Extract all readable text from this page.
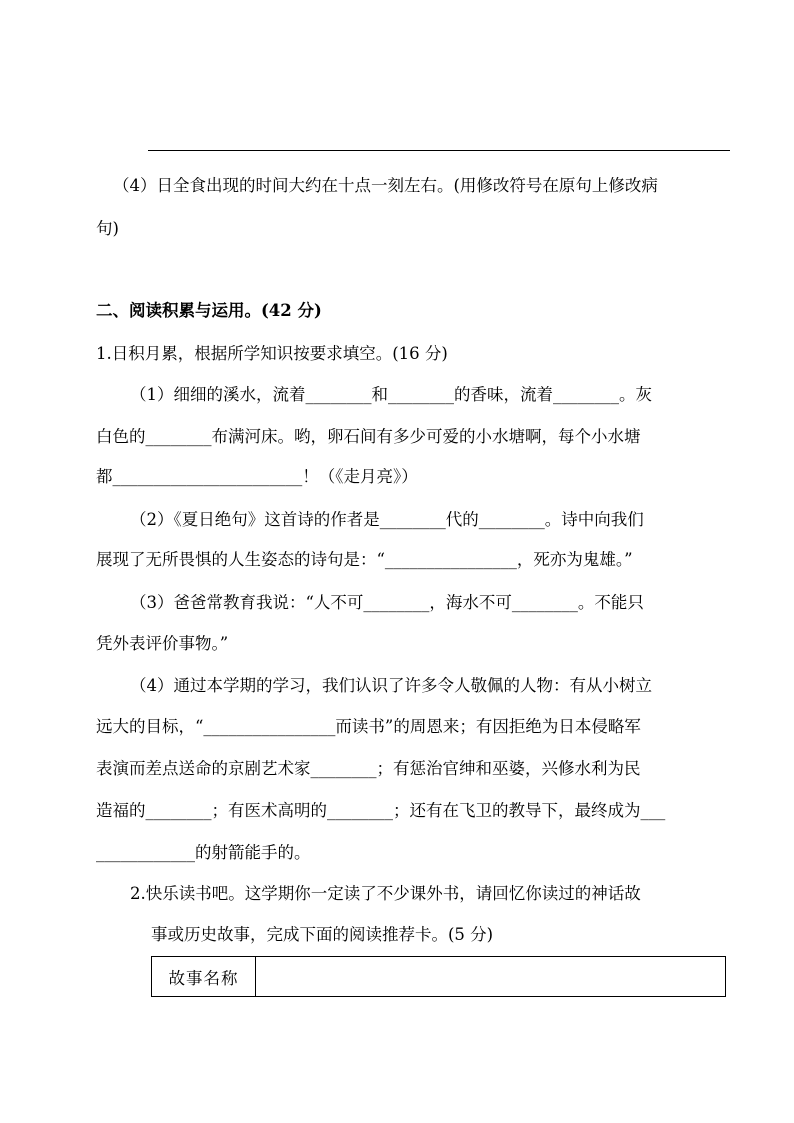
（4）日全食出现的时间大约在十点一刻左右。(用修改符号在原句上修改病
句)
二、阅读积累与运用。(42 分)
1.日积月累，根据所学知识按要求填空。(16 分)
（1）细细的溪水，流着________和________的香味，流着________。灰
白色的________布满河床。哟，卵石间有多少可爱的小水塘啊，每个小水塘
都_______________________！（《走月亮》）
（2）《夏日绝句》这首诗的作者是________代的________。诗中向我们
展现了无所畏惧的人生姿态的诗句是：“________________，死亦为鬼雄。”
（3）爸爸常教育我说：“人不可________，海水不可________。不能只
凭外表评价事物。”
（4）通过本学期的学习，我们认识了许多令人敬佩的人物：有从小树立
远大的目标，“________________而读书”的周恩来；有因拒绝为日本侵略军
表演而差点送命的京剧艺术家________；有惩治官绅和巫婆，兴修水利为民
造福的________；有医术高明的________；还有在飞卫的教导下，最终成为___
____________的射箭能手的。
2.快乐读书吧。这学期你一定读了不少课外书，请回忆你读过的神话故
事或历史故事，完成下面的阅读推荐卡。(5 分)
故事名称
